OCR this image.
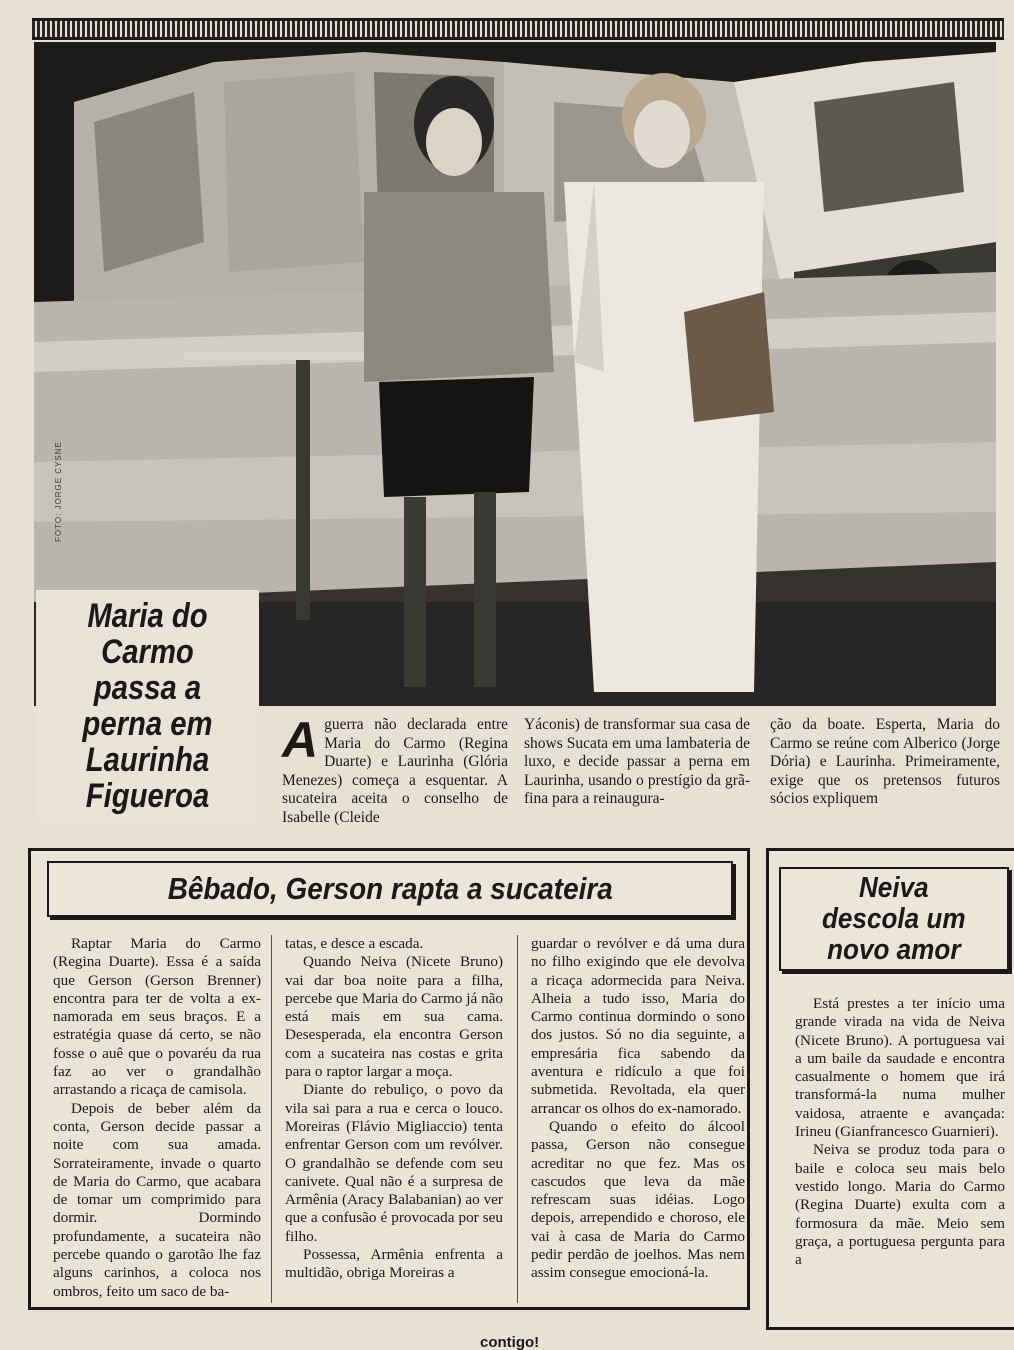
FOTO: JORGE CYSNE
Maria do Carmo passa a perna em Laurinha Figueroa
A guerra não declarada entre Maria do Carmo (Regina Duarte) e Laurinha (Glória Menezes) começa a esquentar. A sucateira aceita o conselho de Isabelle (Cleide
Yáconis) de transformar sua casa de shows Sucata em uma lambateria de luxo, e decide passar a perna em Laurinha, usando o prestígio da grã-fina para a reinaugura-
ção da boate. Esperta, Maria do Carmo se reúne com Alberico (Jorge Dória) e Laurinha. Primeiramente, exige que os pretensos futuros sócios expliquem
Bêbado, Gerson rapta a sucateira

Raptar Maria do Carmo (Regina Duarte). Essa é a saída que Gerson (Gerson Brenner) encontra para ter de volta a ex-namorada em seus braços. E a estratégia quase dá certo, se não fosse o auê que o povaréu da rua faz ao ver o grandalhão arrastando a ricaça de camisola.

Depois de beber além da conta, Gerson decide passar a noite com sua amada. Sorrateiramente, invade o quarto de Maria do Carmo, que acabara de tomar um comprimido para dormir. Dormindo profundamente, a sucateira não percebe quando o garotão lhe faz alguns carinhos, a coloca nos ombros, feito um saco de ba-

tatas, e desce a escada.

Quando Neiva (Nicete Bruno) vai dar boa noite para a filha, percebe que Maria do Carmo já não está mais em sua cama. Desesperada, ela encontra Gerson com a sucateira nas costas e grita para o raptor largar a moça.

Diante do rebuliço, o povo da vila sai para a rua e cerca o louco. Moreiras (Flávio Migliaccio) tenta enfrentar Gerson com um revólver. O grandalhão se defende com seu canivete. Qual não é a surpresa de Armênia (Aracy Balabanian) ao ver que a confusão é provocada por seu filho.

Possessa, Armênia enfrenta a multidão, obriga Moreiras a

guardar o revólver e dá uma dura no filho exigindo que ele devolva a ricaça adormecida para Neiva. Alheia a tudo isso, Maria do Carmo continua dormindo o sono dos justos. Só no dia seguinte, a empresária fica sabendo da aventura e ridículo a que foi submetida. Revoltada, ela quer arrancar os olhos do ex-namorado.

Quando o efeito do álcool passa, Gerson não consegue acreditar no que fez. Mas os cascudos que leva da mãe refrescam suas idéias. Logo depois, arrependido e choroso, ele vai à casa de Maria do Carmo pedir perdão de joelhos. Mas nem assim consegue emocioná-la.

Neiva
descola um
novo amor

Está prestes a ter início uma grande virada na vida de Neiva (Nicete Bruno). A portuguesa vai a um baile da saudade e encontra casualmente o homem que irá transformá-la numa mulher vaidosa, atraente e avançada: Irineu (Gianfrancesco Guarnieri).

Neiva se produz toda para o baile e coloca seu mais belo vestido longo. Maria do Carmo (Regina Duarte) exulta com a formosura da mãe. Meio sem graça, a portuguesa pergunta para a

contigo!
